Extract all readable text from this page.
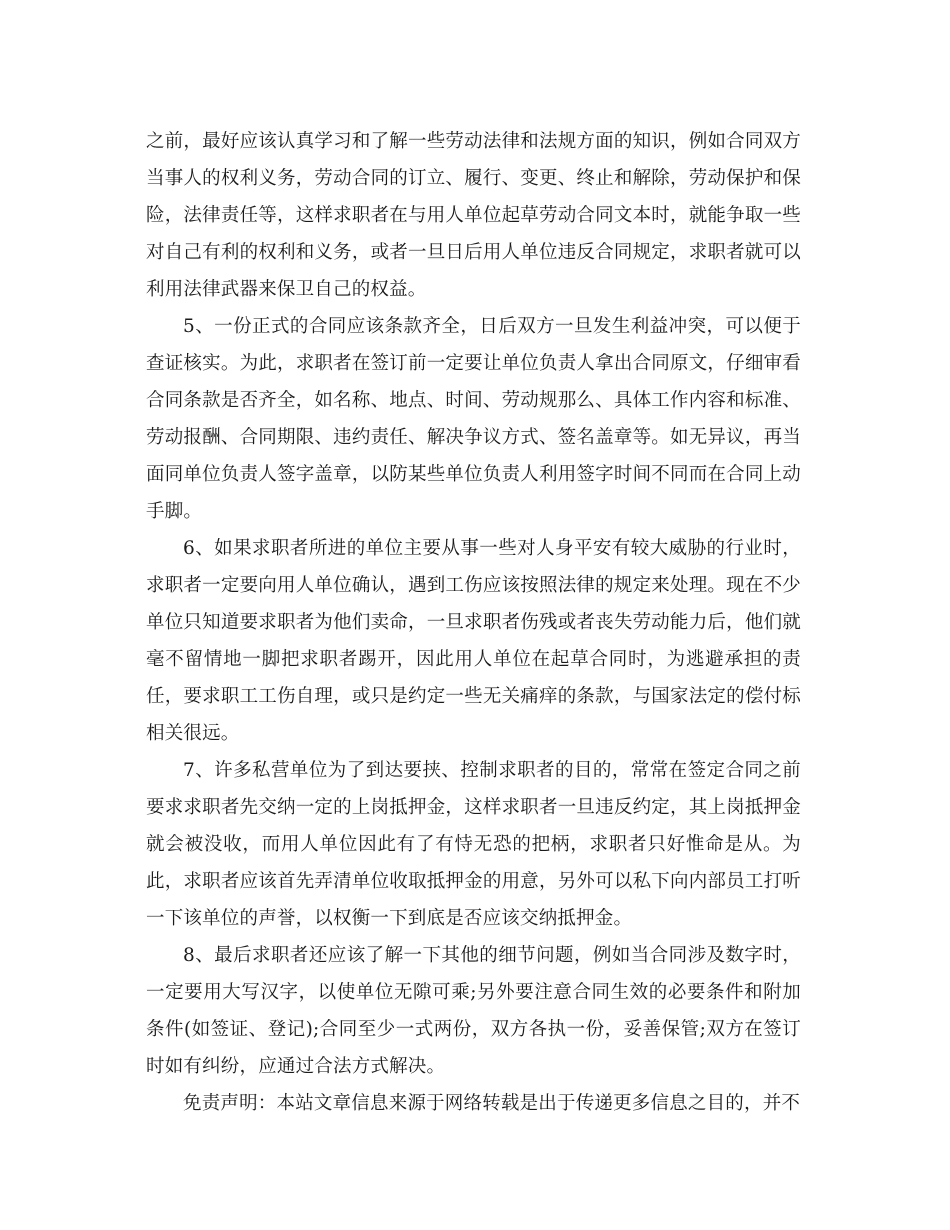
之前，最好应该认真学习和了解一些劳动法律和法规方面的知识，例如合同双方当事人的权利义务，劳动合同的订立、履行、变更、终止和解除，劳动保护和保险，法律责任等，这样求职者在与用人单位起草劳动合同文本时，就能争取一些对自己有利的权利和义务，或者一旦日后用人单位违反合同规定，求职者就可以利用法律武器来保卫自己的权益。

5、一份正式的合同应该条款齐全，日后双方一旦发生利益冲突，可以便于查证核实。为此，求职者在签订前一定要让单位负责人拿出合同原文，仔细审看合同条款是否齐全，如名称、地点、时间、劳动规那么、具体工作内容和标准、劳动报酬、合同期限、违约责任、解决争议方式、签名盖章等。如无异议，再当面同单位负责人签字盖章，以防某些单位负责人利用签字时间不同而在合同上动手脚。

6、如果求职者所进的单位主要从事一些对人身平安有较大威胁的行业时，求职者一定要向用人单位确认，遇到工伤应该按照法律的规定来处理。现在不少单位只知道要求职者为他们卖命，一旦求职者伤残或者丧失劳动能力后，他们就毫不留情地一脚把求职者踢开，因此用人单位在起草合同时，为逃避承担的责任，要求职工工伤自理，或只是约定一些无关痛痒的条款，与国家法定的偿付标相关很远。

7、许多私营单位为了到达要挟、控制求职者的目的，常常在签定合同之前要求求职者先交纳一定的上岗抵押金，这样求职者一旦违反约定，其上岗抵押金就会被没收，而用人单位因此有了有恃无恐的把柄，求职者只好惟命是从。为此，求职者应该首先弄清单位收取抵押金的用意，另外可以私下向内部员工打听一下该单位的声誉，以权衡一下到底是否应该交纳抵押金。

8、最后求职者还应该了解一下其他的细节问题，例如当合同涉及数字时，一定要用大写汉字，以使单位无隙可乘;另外要注意合同生效的必要条件和附加条件(如签证、登记);合同至少一式两份，双方各执一份，妥善保管;双方在签订时如有纠纷，应通过合法方式解决。

免责声明：本站文章信息来源于网络转载是出于传递更多信息之目的，并不
